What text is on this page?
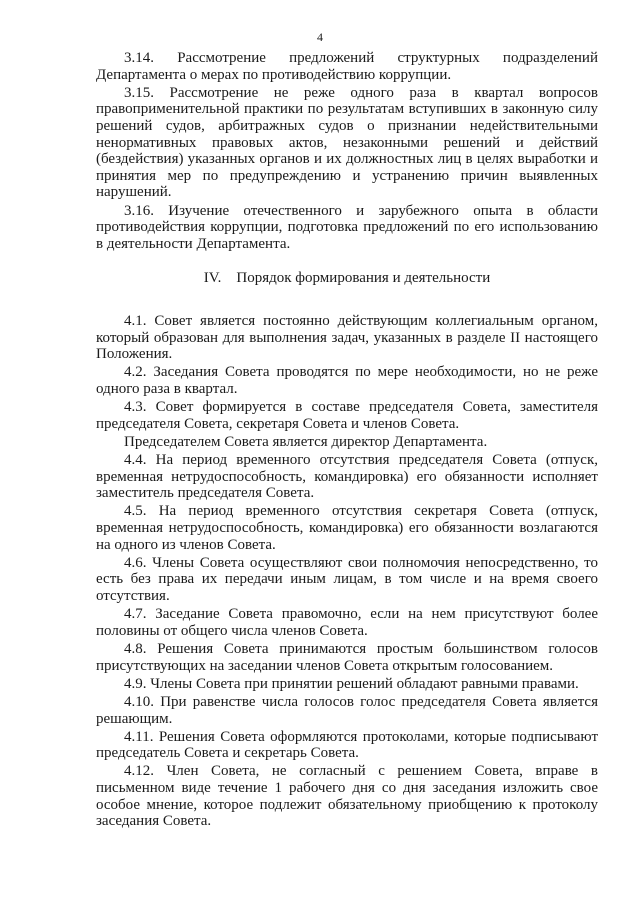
4

3.14. Рассмотрение предложений структурных подразделений Департамента о мерах по противодействию коррупции.

3.15. Рассмотрение не реже одного раза в квартал вопросов правоприменительной практики по результатам вступивших в законную силу решений судов, арбитражных судов о признании недействительными ненормативных правовых актов, незаконными решений и действий (бездействия) указанных органов и их должностных лиц в целях выработки и принятия мер по предупреждению и устранению причин выявленных нарушений.

3.16. Изучение отечественного и зарубежного опыта в области противодействия коррупции, подготовка предложений по его использованию в деятельности Департамента.

IV.    Порядок формирования и деятельности

4.1. Совет является постоянно действующим коллегиальным органом, который образован для выполнения задач, указанных в разделе II настоящего Положения.

4.2. Заседания Совета проводятся по мере необходимости, но не реже одного раза в квартал.

4.3. Совет формируется в составе председателя Совета, заместителя председателя Совета, секретаря Совета и членов Совета.

Председателем Совета является директор Департамента.

4.4. На период временного отсутствия председателя Совета (отпуск, временная нетрудоспособность, командировка) его обязанности исполняет заместитель председателя Совета.

4.5. На период временного отсутствия секретаря Совета (отпуск, временная нетрудоспособность, командировка) его обязанности возлагаются на одного из членов Совета.

4.6. Члены Совета осуществляют свои полномочия непосредственно, то есть без права их передачи иным лицам, в том числе и на время своего отсутствия.

4.7. Заседание Совета правомочно, если на нем присутствуют более половины от общего числа членов Совета.

4.8. Решения Совета принимаются простым большинством голосов присутствующих на заседании членов Совета открытым голосованием.

4.9. Члены Совета при принятии решений обладают равными правами.

4.10. При равенстве числа голосов голос председателя Совета является решающим.

4.11. Решения Совета оформляются протоколами, которые подписывают председатель Совета и секретарь Совета.

4.12. Член Совета, не согласный с решением Совета, вправе в письменном виде течение 1 рабочего дня со дня заседания изложить свое особое мнение, которое подлежит обязательному приобщению к протоколу заседания Совета.
